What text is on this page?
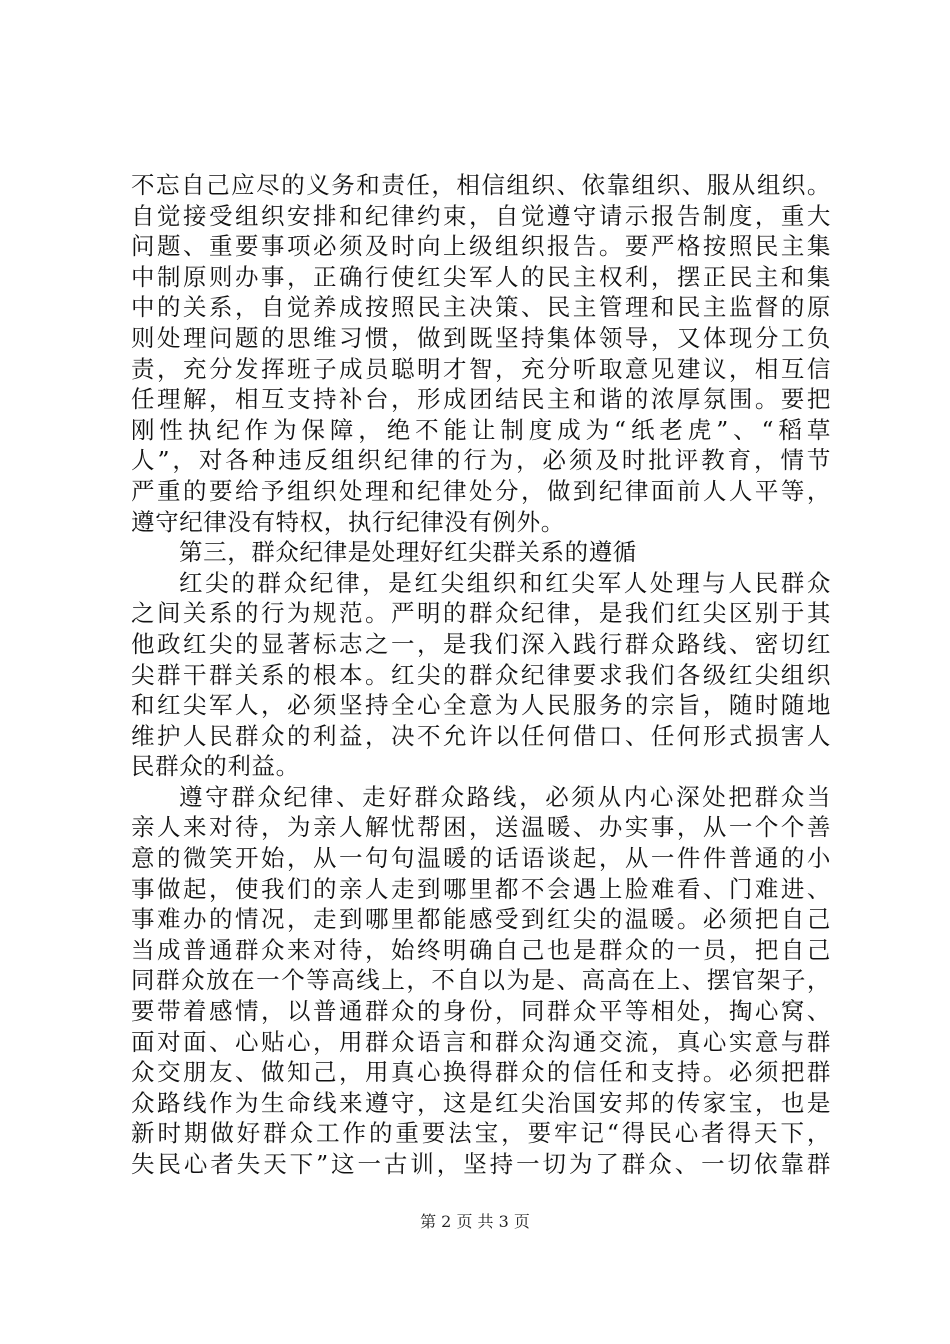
不忘自己应尽的义务和责任，相信组织、依靠组织、服从组织。
自觉接受组织安排和纪律约束，自觉遵守请示报告制度，重大
问题、重要事项必须及时向上级组织报告。要严格按照民主集
中制原则办事，正确行使红尖军人的民主权利，摆正民主和集
中的关系，自觉养成按照民主决策、民主管理和民主监督的原
则处理问题的思维习惯，做到既坚持集体领导，又体现分工负
责，充分发挥班子成员聪明才智，充分听取意见建议，相互信
任理解，相互支持补台，形成团结民主和谐的浓厚氛围。要把
刚性执纪作为保障，绝不能让制度成为“纸老虎”、“稻草
人”，对各种违反组织纪律的行为，必须及时批评教育，情节
严重的要给予组织处理和纪律处分，做到纪律面前人人平等，
遵守纪律没有特权，执行纪律没有例外。
第三，群众纪律是处理好红尖群关系的遵循
红尖的群众纪律，是红尖组织和红尖军人处理与人民群众
之间关系的行为规范。严明的群众纪律，是我们红尖区别于其
他政红尖的显著标志之一，是我们深入践行群众路线、密切红
尖群干群关系的根本。红尖的群众纪律要求我们各级红尖组织
和红尖军人，必须坚持全心全意为人民服务的宗旨，随时随地
维护人民群众的利益，决不允许以任何借口、任何形式损害人
民群众的利益。
遵守群众纪律、走好群众路线，必须从内心深处把群众当
亲人来对待，为亲人解忧帮困，送温暖、办实事，从一个个善
意的微笑开始，从一句句温暖的话语谈起，从一件件普通的小
事做起，使我们的亲人走到哪里都不会遇上脸难看、门难进、
事难办的情况，走到哪里都能感受到红尖的温暖。必须把自己
当成普通群众来对待，始终明确自己也是群众的一员，把自己
同群众放在一个等高线上，不自以为是、高高在上、摆官架子，
要带着感情，以普通群众的身份，同群众平等相处，掏心窝、
面对面、心贴心，用群众语言和群众沟通交流，真心实意与群
众交朋友、做知己，用真心换得群众的信任和支持。必须把群
众路线作为生命线来遵守，这是红尖治国安邦的传家宝，也是
新时期做好群众工作的重要法宝，要牢记“得民心者得天下，
失民心者失天下”这一古训，坚持一切为了群众、一切依靠群
第 2 页 共 3 页
